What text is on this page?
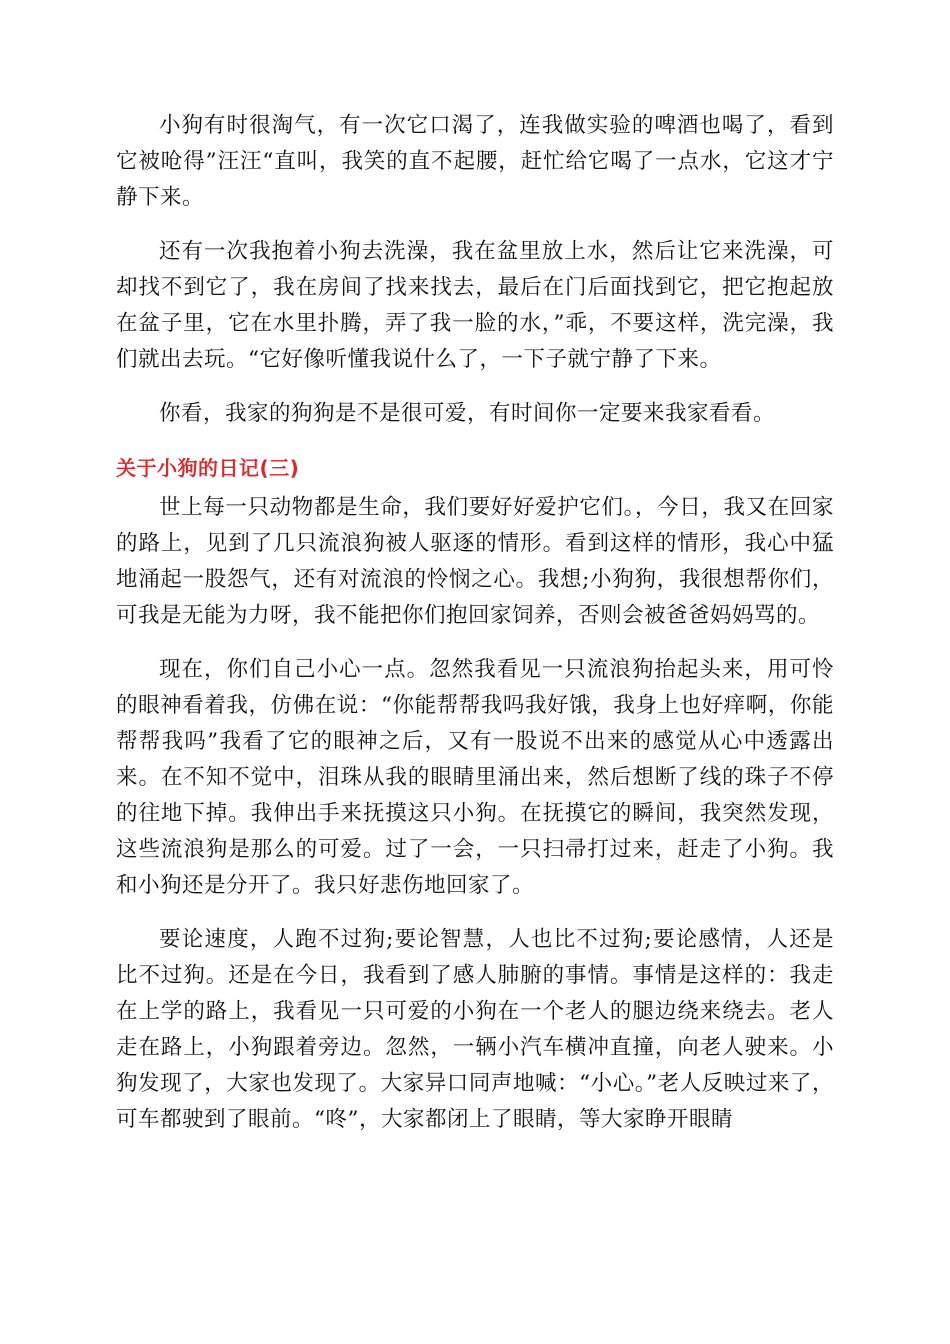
小狗有时很淘气，有一次它口渴了，连我做实验的啤酒也喝了，看到它被呛得”汪汪“直叫，我笑的直不起腰，赶忙给它喝了一点水，它这才宁静下来。

还有一次我抱着小狗去洗澡，我在盆里放上水，然后让它来洗澡，可却找不到它了，我在房间了找来找去，最后在门后面找到它，把它抱起放在盆子里，它在水里扑腾，弄了我一脸的水，”乖，不要这样，洗完澡，我们就出去玩。“它好像听懂我说什么了，一下子就宁静了下来。

你看，我家的狗狗是不是很可爱，有时间你一定要来我家看看。

关于小狗的日记(三)

世上每一只动物都是生命，我们要好好爱护它们。，今日，我又在回家的路上，见到了几只流浪狗被人驱逐的情形。看到这样的情形，我心中猛地涌起一股怨气，还有对流浪的怜悯之心。我想;小狗狗，我很想帮你们，可我是无能为力呀，我不能把你们抱回家饲养，否则会被爸爸妈妈骂的。

现在，你们自己小心一点。忽然我看见一只流浪狗抬起头来，用可怜的眼神看着我，仿佛在说：“你能帮帮我吗我好饿，我身上也好痒啊，你能帮帮我吗”我看了它的眼神之后，又有一股说不出来的感觉从心中透露出来。在不知不觉中，泪珠从我的眼睛里涌出来，然后想断了线的珠子不停的往地下掉。我伸出手来抚摸这只小狗。在抚摸它的瞬间，我突然发现，这些流浪狗是那么的可爱。过了一会，一只扫帚打过来，赶走了小狗。我和小狗还是分开了。我只好悲伤地回家了。

要论速度，人跑不过狗;要论智慧，人也比不过狗;要论感情，人还是比不过狗。还是在今日，我看到了感人肺腑的事情。事情是这样的：我走在上学的路上，我看见一只可爱的小狗在一个老人的腿边绕来绕去。老人走在路上，小狗跟着旁边。忽然，一辆小汽车横冲直撞，向老人驶来。小狗发现了，大家也发现了。大家异口同声地喊：“小心。”老人反映过来了，可车都驶到了眼前。“咚”，大家都闭上了眼睛，等大家睁开眼睛
